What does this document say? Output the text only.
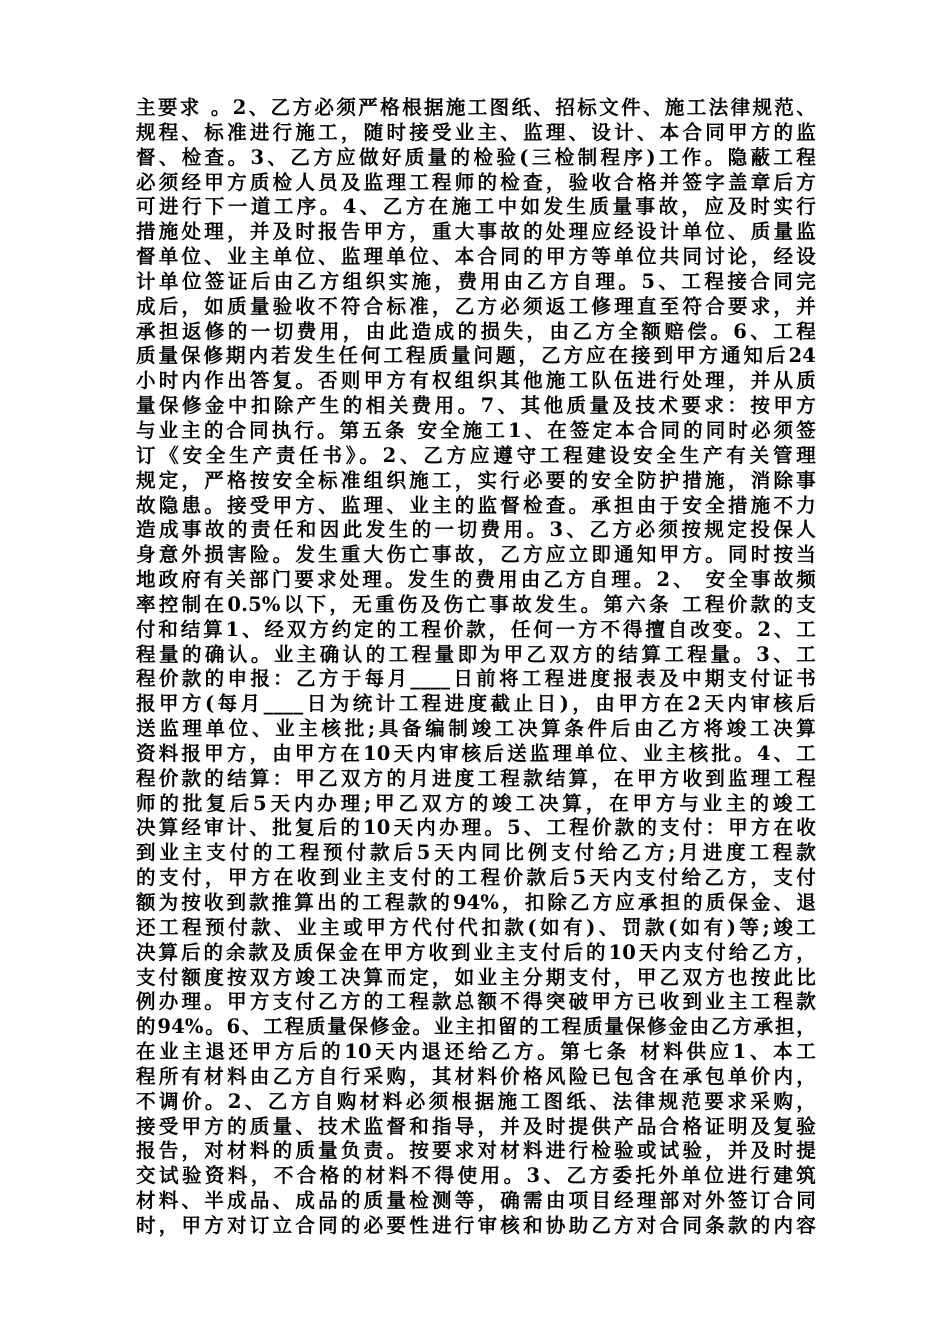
主要求 。2、乙方必须严格根据施工图纸、招标文件、施工法律规范、
规程、标准进行施工，随时接受业主、监理、设计、本合同甲方的监
督、检查。3、乙方应做好质量的检验(三检制程序)工作。隐蔽工程
必须经甲方质检人员及监理工程师的检查，验收合格并签字盖章后方
可进行下一道工序。4、乙方在施工中如发生质量事故，应及时实行
措施处理，并及时报告甲方，重大事故的处理应经设计单位、质量监
督单位、业主单位、监理单位、本合同的甲方等单位共同讨论，经设
计单位签证后由乙方组织实施，费用由乙方自理。5、工程接合同完
成后，如质量验收不符合标准，乙方必须返工修理直至符合要求，并
承担返修的一切费用，由此造成的损失，由乙方全额赔偿。6、工程
质量保修期内若发生任何工程质量问题，乙方应在接到甲方通知后24
小时内作出答复。否则甲方有权组织其他施工队伍进行处理，并从质
量保修金中扣除产生的相关费用。7、其他质量及技术要求：按甲方
与业主的合同执行。第五条 安全施工1、在签定本合同的同时必须签
订《安全生产责任书》。2、乙方应遵守工程建设安全生产有关管理
规定，严格按安全标准组织施工，实行必要的安全防护措施，消除事
故隐患。接受甲方、监理、业主的监督检查。承担由于安全措施不力
造成事故的责任和因此发生的一切费用。3、乙方必须按规定投保人
身意外损害险。发生重大伤亡事故，乙方应立即通知甲方。同时按当
地政府有关部门要求处理。发生的费用由乙方自理。2、 安全事故频
率控制在0.5%以下，无重伤及伤亡事故发生。第六条 工程价款的支
付和结算1、经双方约定的工程价款，任何一方不得擅自改变。2、工
程量的确认。业主确认的工程量即为甲乙双方的结算工程量。3、工
程价款的申报：乙方于每月____日前将工程进度报表及中期支付证书
报甲方(每月____日为统计工程进度截止日)，由甲方在2天内审核后
送监理单位、业主核批;具备编制竣工决算条件后由乙方将竣工决算
资料报甲方，由甲方在10天内审核后送监理单位、业主核批。4、工
程价款的结算：甲乙双方的月进度工程款结算，在甲方收到监理工程
师的批复后5天内办理;甲乙双方的竣工决算，在甲方与业主的竣工
决算经审计、批复后的10天内办理。5、工程价款的支付：甲方在收
到业主支付的工程预付款后5天内同比例支付给乙方;月进度工程款
的支付，甲方在收到业主支付的工程价款后5天内支付给乙方，支付
额为按收到款推算出的工程款的94%，扣除乙方应承担的质保金、退
还工程预付款、业主或甲方代付代扣款(如有)、罚款(如有)等;竣工
决算后的余款及质保金在甲方收到业主支付后的10天内支付给乙方，
支付额度按双方竣工决算而定，如业主分期支付，甲乙双方也按此比
例办理。甲方支付乙方的工程款总额不得突破甲方已收到业主工程款
的94%。6、工程质量保修金。业主扣留的工程质量保修金由乙方承担，
在业主退还甲方后的10天内退还给乙方。第七条 材料供应1、本工
程所有材料由乙方自行采购，其材料价格风险已包含在承包单价内，
不调价。2、乙方自购材料必须根据施工图纸、法律规范要求采购，
接受甲方的质量、技术监督和指导，并及时提供产品合格证明及复验
报告，对材料的质量负责。按要求对材料进行检验或试验，并及时提
交试验资料，不合格的材料不得使用。3、乙方委托外单位进行建筑
材料、半成品、成品的质量检测等，确需由项目经理部对外签订合同
时，甲方对订立合同的必要性进行审核和协助乙方对合同条款的内容
